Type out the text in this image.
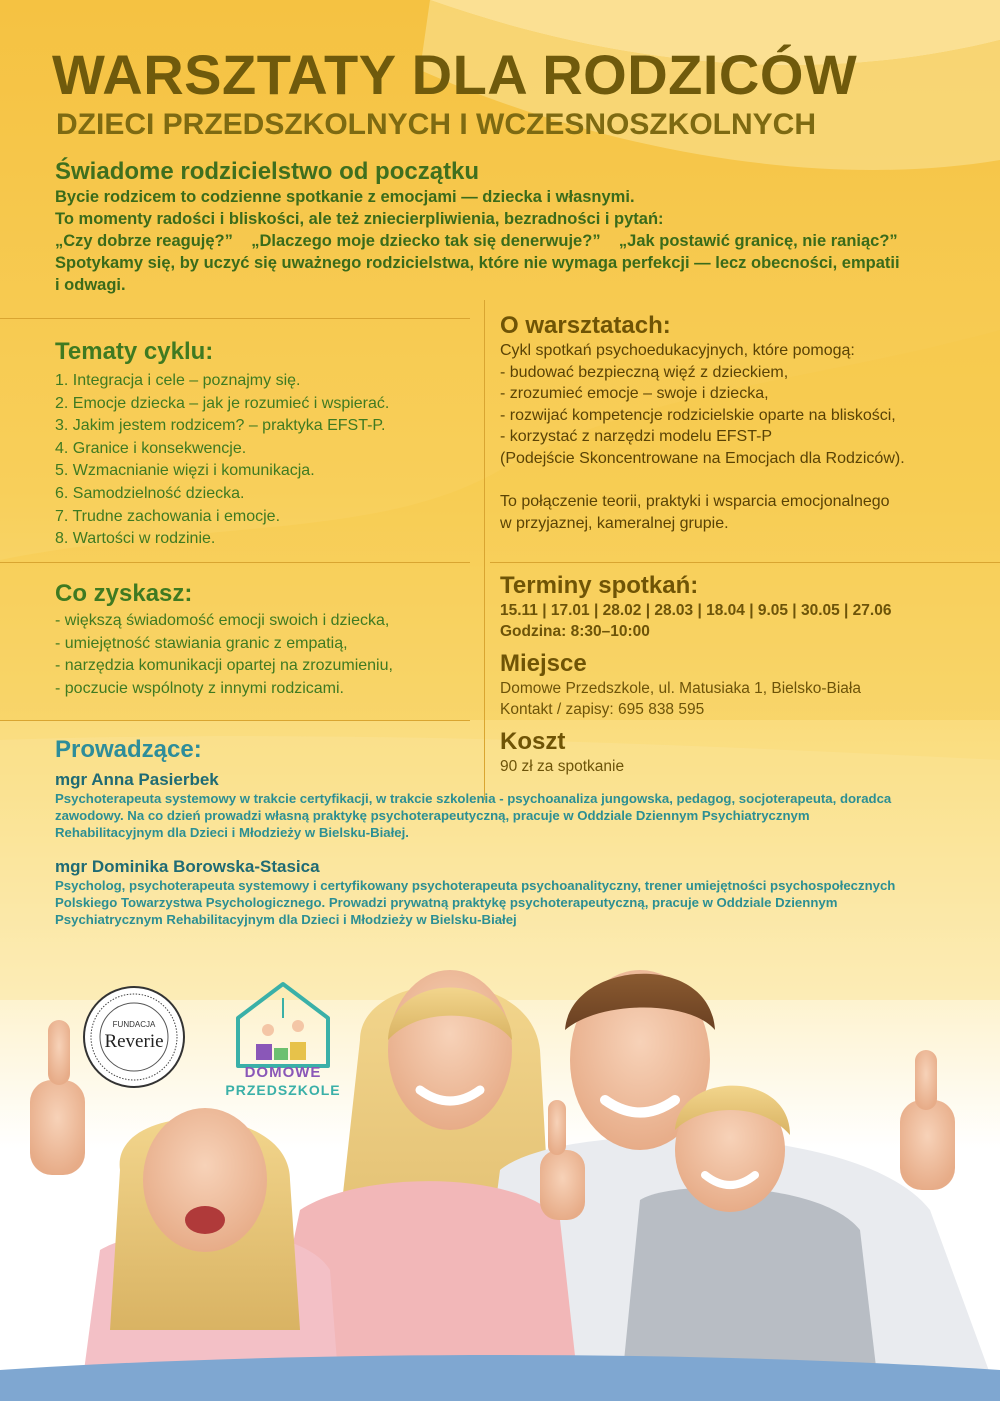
WARSZTATY DLA RODZICÓW
DZIECI PRZEDSZKOLNYCH I WCZESNOSZKOLNYCH
Świadome rodzicielstwo od początku

Bycie rodzicem to codzienne spotkanie z emocjami — dziecka i własnymi.

To momenty radości i bliskości, ale też zniecierpliwienia, bezradności i pytań:

„Czy dobrze reaguję?”    „Dlaczego moje dziecko tak się denerwuje?”    „Jak postawić granicę, nie raniąc?”

Spotykamy się, by uczyć się uważnego rodzicielstwa, które nie wymaga perfekcji — lecz obecności, empatii

i odwagi.

Tematy cyklu:
1. Integracja i cele – poznajmy się.
2. Emocje dziecka – jak je rozumieć i wspierać.
3. Jakim jestem rodzicem? – praktyka EFST-P.
4. Granice i konsekwencje.
5. Wzmacnianie więzi i komunikacja.
6. Samodzielność dziecka.
7. Trudne zachowania i emocje.
8. Wartości w rodzinie.
O warsztatach:
Cykl spotkań psychoedukacyjnych, które pomogą:
- budować bezpieczną więź z dzieckiem,
- zrozumieć emocje – swoje i dziecka,
- rozwijać kompetencje rodzicielskie oparte na bliskości,
- korzystać z narzędzi modelu EFST-P
(Podejście Skoncentrowane na Emocjach dla Rodziców).
To połączenie teorii, praktyki i wsparcia emocjonalnego
w przyjaznej, kameralnej grupie.
Co zyskasz:
- większą świadomość emocji swoich i dziecka,
- umiejętność stawiania granic z empatią,
- narzędzia komunikacji opartej na zrozumieniu,
- poczucie wspólnoty z innymi rodzicami.
Terminy spotkań:
15.11 | 17.01 | 28.02 | 28.03 | 18.04 | 9.05 | 30.05 | 27.06
Godzina: 8:30–10:00
Miejsce
Domowe Przedszkole, ul. Matusiaka 1, Bielsko-Biała
Kontakt / zapisy: 695 838 595
Koszt
90 zł za spotkanie
Prowadzące:

mgr Anna Pasierbek

Psychoterapeuta systemowy w trakcie certyfikacji, w trakcie szkolenia - psychoanaliza jungowska, pedagog, socjoterapeuta, doradca
zawodowy. Na co dzień prowadzi własną praktykę psychoterapeutyczną, pracuje w Oddziale Dziennym Psychiatrycznym
Rehabilitacyjnym dla Dzieci i Młodzieży w Bielsku-Białej.

mgr Dominika Borowska-Stasica

Psycholog, psychoterapeuta systemowy i certyfikowany psychoterapeuta psychoanalityczny, trener umiejętności psychospołecznych
Polskiego Towarzystwa Psychologicznego. Prowadzi prywatną praktykę psychoterapeutyczną, pracuje w Oddziale Dziennym
Psychiatrycznym Rehabilitacyjnym dla Dzieci i Młodzieży w Bielsku-Białej

FUNDACJA
Reverie
DOMOWE
PRZEDSZKOLE
